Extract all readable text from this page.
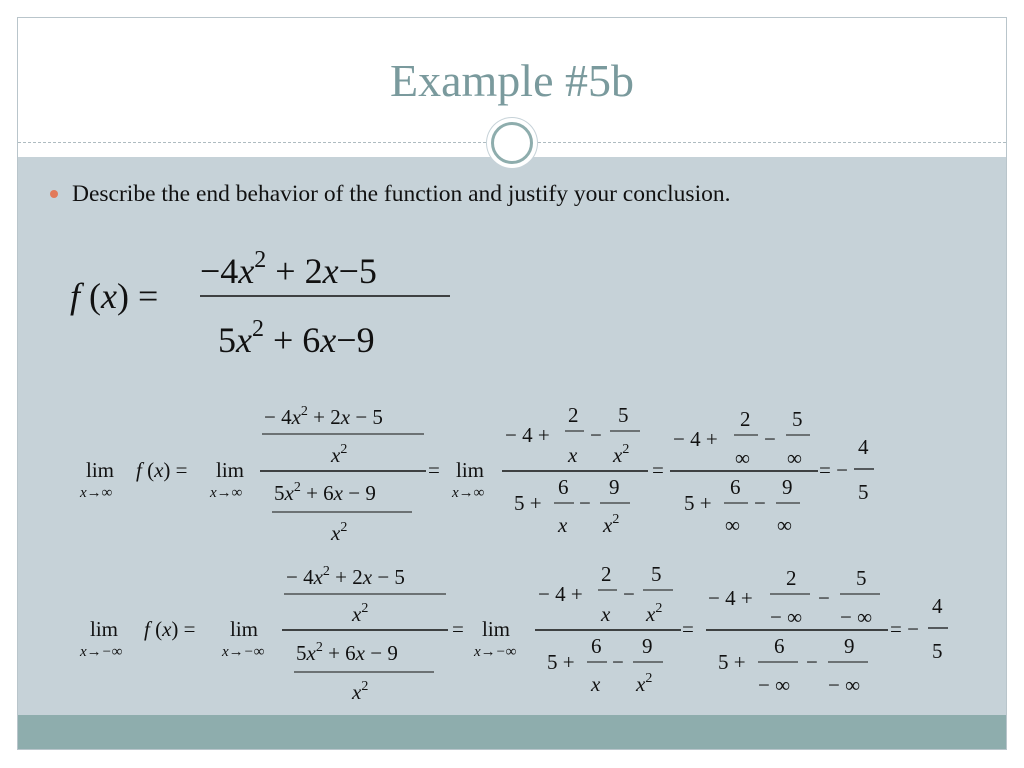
Example #5b
Describe the end behavior of the function and justify your conclusion.
f (x) =
$-4x^2 + 2x-5$
$5x^2 + 6x-9$
lim
x→∞
f (x) = lim
x→∞
− $4x^2 + 2x - 5$
$x^2$
$5x^2 + 6x - 9$
$x^2$
= lim
x→∞
− 4 +
2
x
−
5
$x^2$
5 +
6
x
−
9
$x^2$
=
− 4 +
2
∞
−
5
∞
5 +
6
∞
−
9
∞
= −
4
5
lim
x→−∞
f (x) = lim
x→−∞
− $4x^2 + 2x - 5$
$x^2$
$5x^2 + 6x - 9$
$x^2$
= lim
x→−∞
− 4 +
2
x
−
5
$x^2$
5 +
6
x
−
9
$x^2$
=
− 4 +
2
− ∞
−
5
− ∞
5 +
6
− ∞
−
9
− ∞
= −
4
5
